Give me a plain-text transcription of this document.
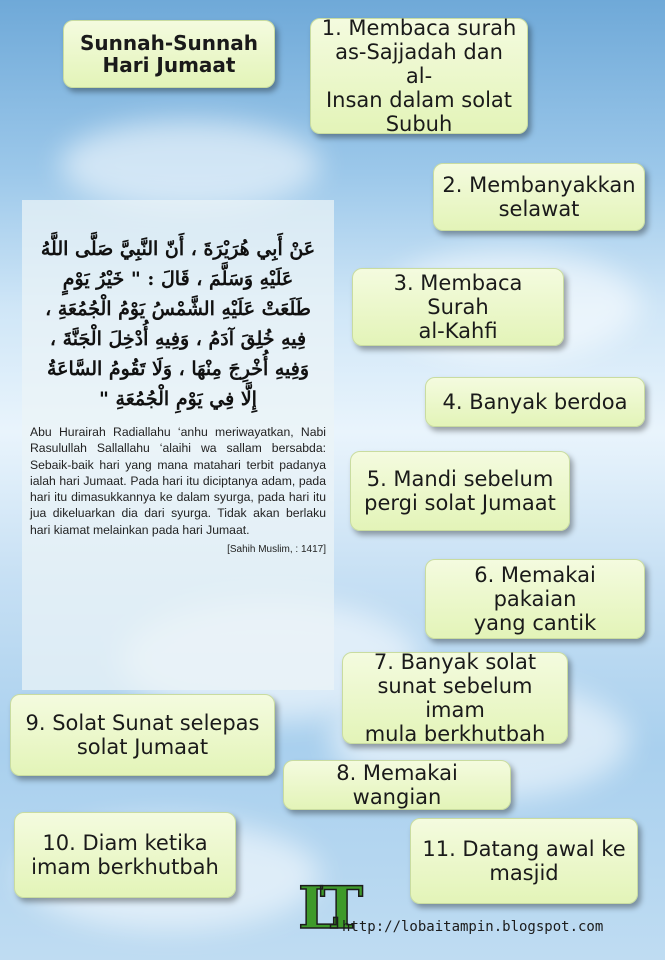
Sunnah-Sunnah
Hari Jumaat
1. Membaca surah
as-Sajjadah dan al-
Insan dalam solat
Subuh
2. Membanyakkan
selawat
3. Membaca Surah
al-Kahfi
4. Banyak berdoa
5. Mandi sebelum
pergi solat Jumaat
6. Memakai pakaian
yang cantik
7. Banyak solat
sunat sebelum imam
mula berkhutbah
8. Memakai wangian
9. Solat Sunat selepas
solat Jumaat
10. Diam ketika
imam berkhutbah
11. Datang awal ke
masjid
عَنْ أَبِي هُرَيْرَةَ ، أَنّ النَّبِيَّ صَلَّى اللَّهُ
عَلَيْهِ وَسَلَّمَ ، قَالَ : " خَيْرُ يَوْمٍ
طَلَعَتْ عَلَيْهِ الشَّمْسُ يَوْمُ الْجُمُعَةِ ،
فِيهِ خُلِقَ آدَمُ ، وَفِيهِ أُدْخِلَ الْجَنَّةَ ،
وَفِيهِ أُخْرِجَ مِنْهَا ، وَلَا تَقُومُ السَّاعَةُ
إِلَّا فِي يَوْمِ الْجُمُعَةِ "

Abu Hurairah Radiallahu ‘anhu meriwayatkan, Nabi Rasulullah Sallallahu ‘alaihi wa sallam bersabda: Sebaik-baik hari yang mana matahari terbit padanya ialah hari Jumaat. Pada hari itu diciptanya adam, pada hari itu dimasukkannya ke dalam syurga, pada hari itu jua dikeluarkan dia dari syurga. Tidak akan berlaku hari kiamat melainkan pada hari Jumaat.

[Sahih Muslim, : 1417]
LT
http://lobaitampin.blogspot.com
